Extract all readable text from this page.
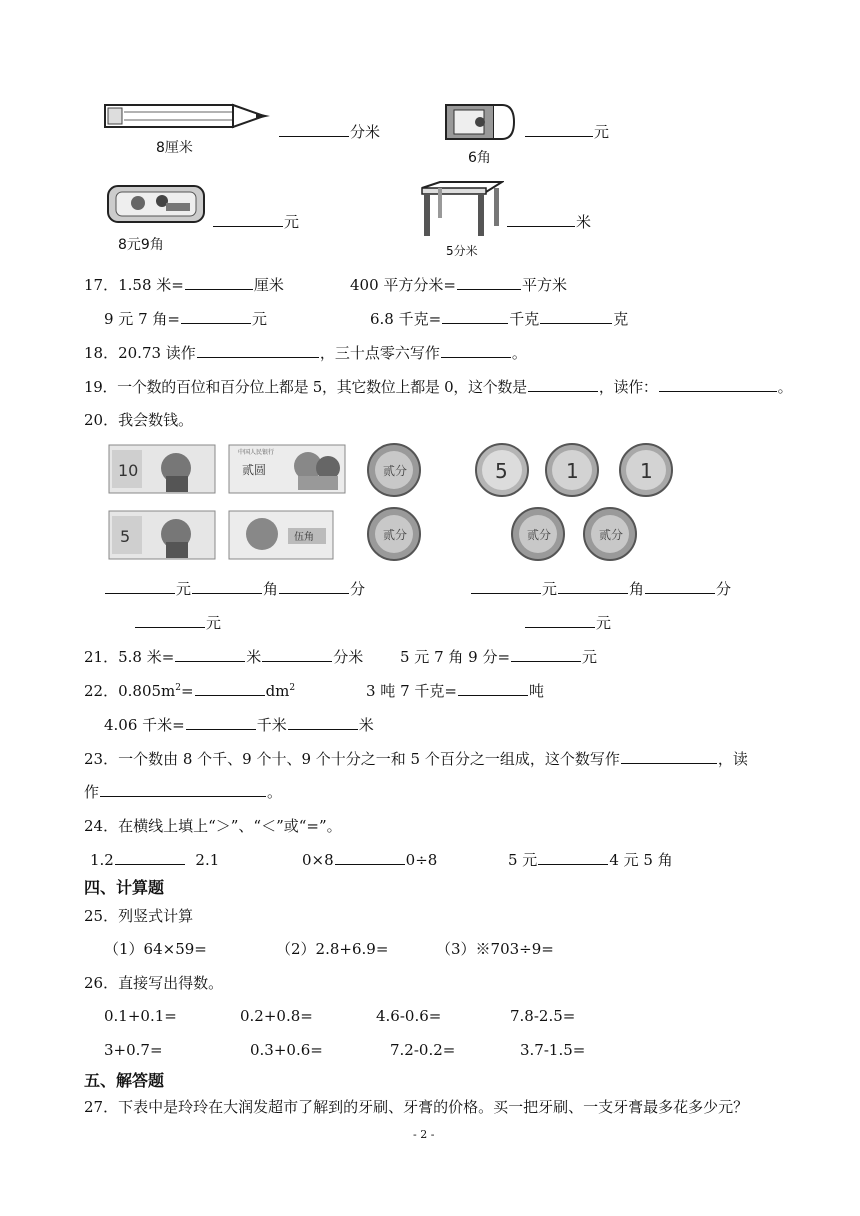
8厘米
分米
6角
元
8元9角
元
5分米
米
17．1.58 米=	厘米	400 平方分米=	平方米
9 元 7 角=	元	6.8 千克=	千克	克
18．20.73 读作	，三十点零六写作	。
19．一个数的百位和百分位上都是 5，其它数位上都是 0，这个数是	，读作：	。
20．我会数钱。
10
中国人民银行
贰圆
5	伍角
贰分
贰分
5	1	1
贰分	贰分
元	角	分
元
元	角	分
元
21．5.8 米=	米	分米 5 元 7 角 9 分=	元
22．$0.805m^2=$	$dm^2$	3 吨 7 千克=	吨
4.06 千米=	千米	米
23．一个数由 8 个千、9 个十、9 个十分之一和 5 个百分之一组成，这个数写作	，读
作	。
24．在横线上填上“＞”、“＜”或“=”。
1.2	2.1	0×8	0÷8	5 元	4 元 5 角
四、计算题
25．列竖式计算
（1）64×59=	（2）2.8+6.9=	（3）※703÷9=
26．直接写出得数。
0.1+0.1=	0.2+0.8=	4.6-0.6=	7.8-2.5=
3+0.7=	0.3+0.6=	7.2-0.2=	3.7-1.5=
五、解答题
27．下表中是玲玲在大润发超市了解到的牙刷、牙膏的价格。买一把牙刷、一支牙膏最多花多少元？
- 2 -
